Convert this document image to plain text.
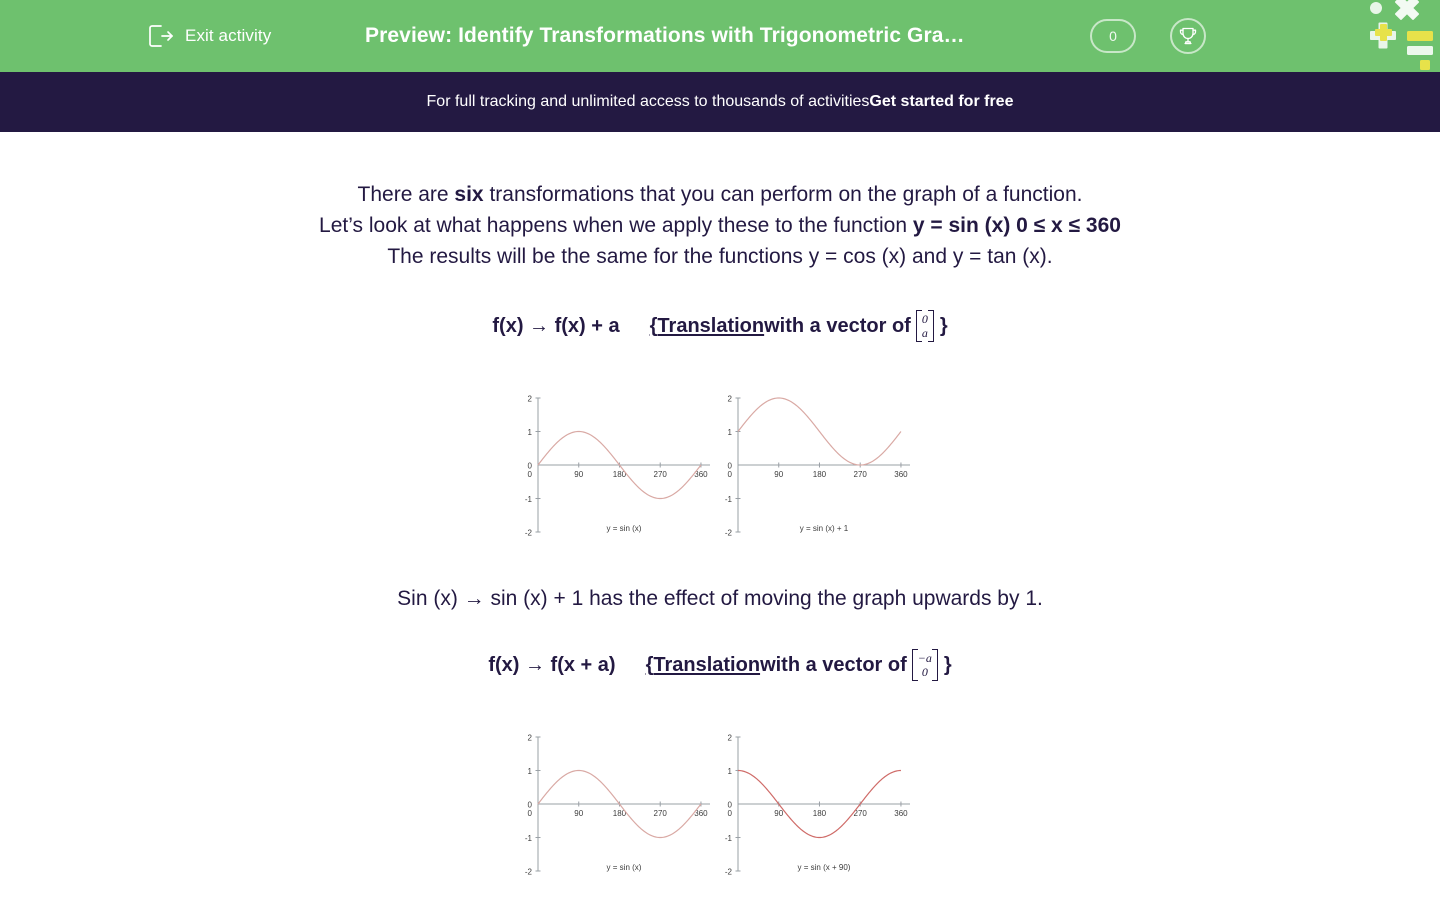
Exit activity	Preview: Identify Transformations with Trigonometric Gra…	0
For full tracking and unlimited access to thousands of activities Get started for free
There are six transformations that you can perform on the graph of a function.
Let’s look at what happens when we apply these to the function y = sin (x) 0 ≤ x ≤ 360
The results will be the same for the functions y = cos (x) and y = tan (x).
f(x) → f(x) + a { Translation with a vector of 0
a }
-2
-1
0
1
2
0	90	180	270	360
y = sin (x)	-2
-1
0
1
2
0	90	180	270	360
y = sin (x) + 1
Sin (x) → sin (x) + 1 has the effect of moving the graph upwards by 1.
f(x) → f(x + a) { Translation with a vector of −a
0 }
-2
-1
0
1
2
0	90	180	270	360
y = sin (x)	-2
-1
0
1
2
0	90	180	270	360
y = sin (x + 90)
